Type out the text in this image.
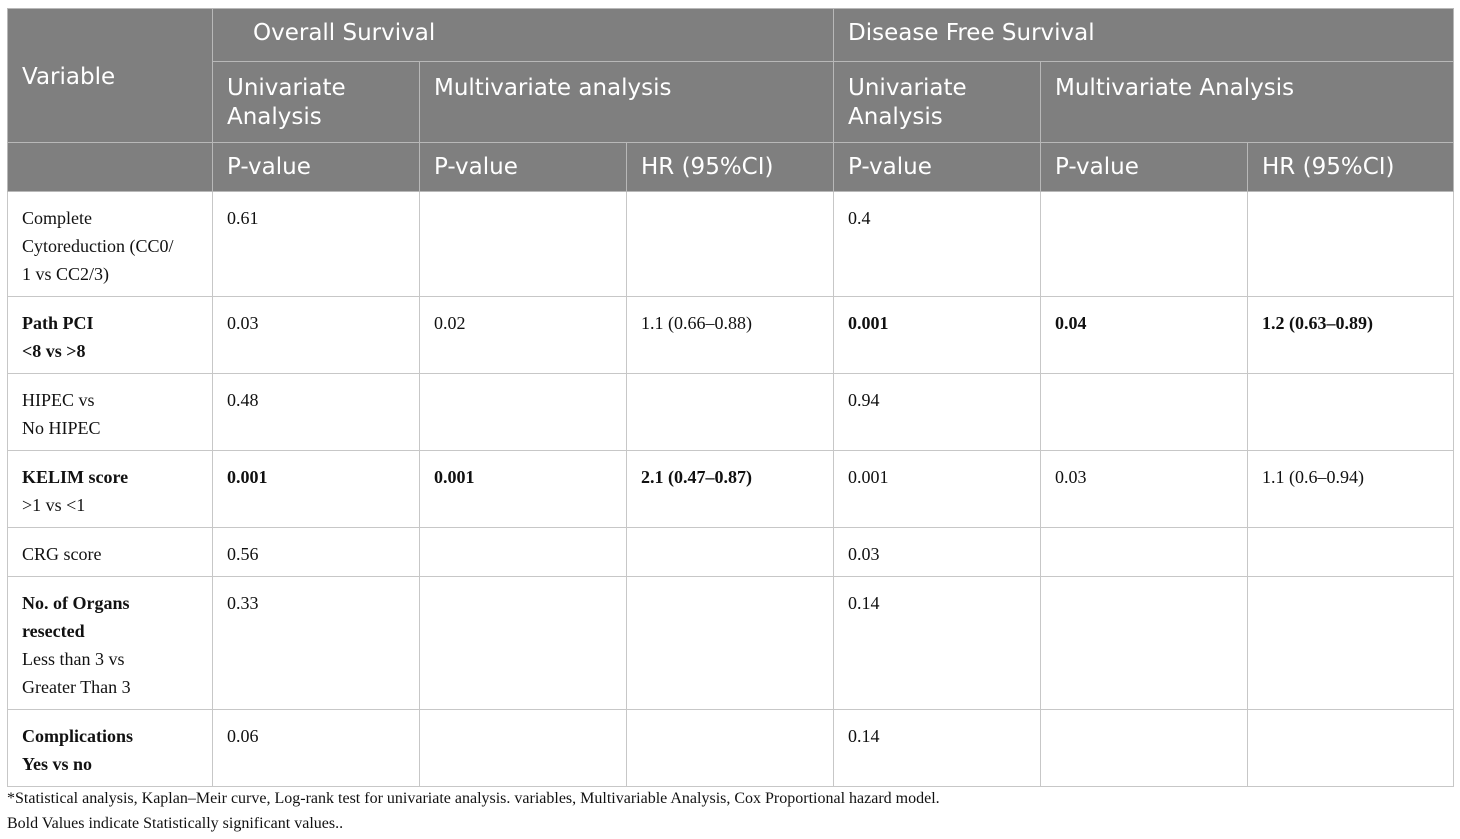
Variable	Overall Survival			Disease Free Survival		
	Univariate Analysis	Multivariate analysis		Univariate Analysis	Multivariate Analysis	
	P-value	P-value	HR (95%CI)	P-value	P-value	HR (95%CI)

Complete
Cytoreduction (CC0/
1 vs CC2/3)	0.61			0.4		

Path PCI
<8 vs >8	0.03	0.02	1.1 (0.66–0.88)	0.001	0.04	1.2 (0.63–0.89)

HIPEC vs
No HIPEC	0.48			0.94		

KELIM score
>1 vs <1	0.001	0.001	2.1 (0.47–0.87)	0.001	0.03	1.1 (0.6–0.94)

CRG score	0.56			0.03		

No. of Organs
resected
Less than 3 vs
Greater Than 3	0.33			0.14		

Complications
Yes vs no	0.06			0.14		
*Statistical analysis, Kaplan–Meir curve, Log-rank test for univariate analysis. variables, Multivariable Analysis, Cox Proportional hazard model.
Bold Values indicate Statistically significant values..
